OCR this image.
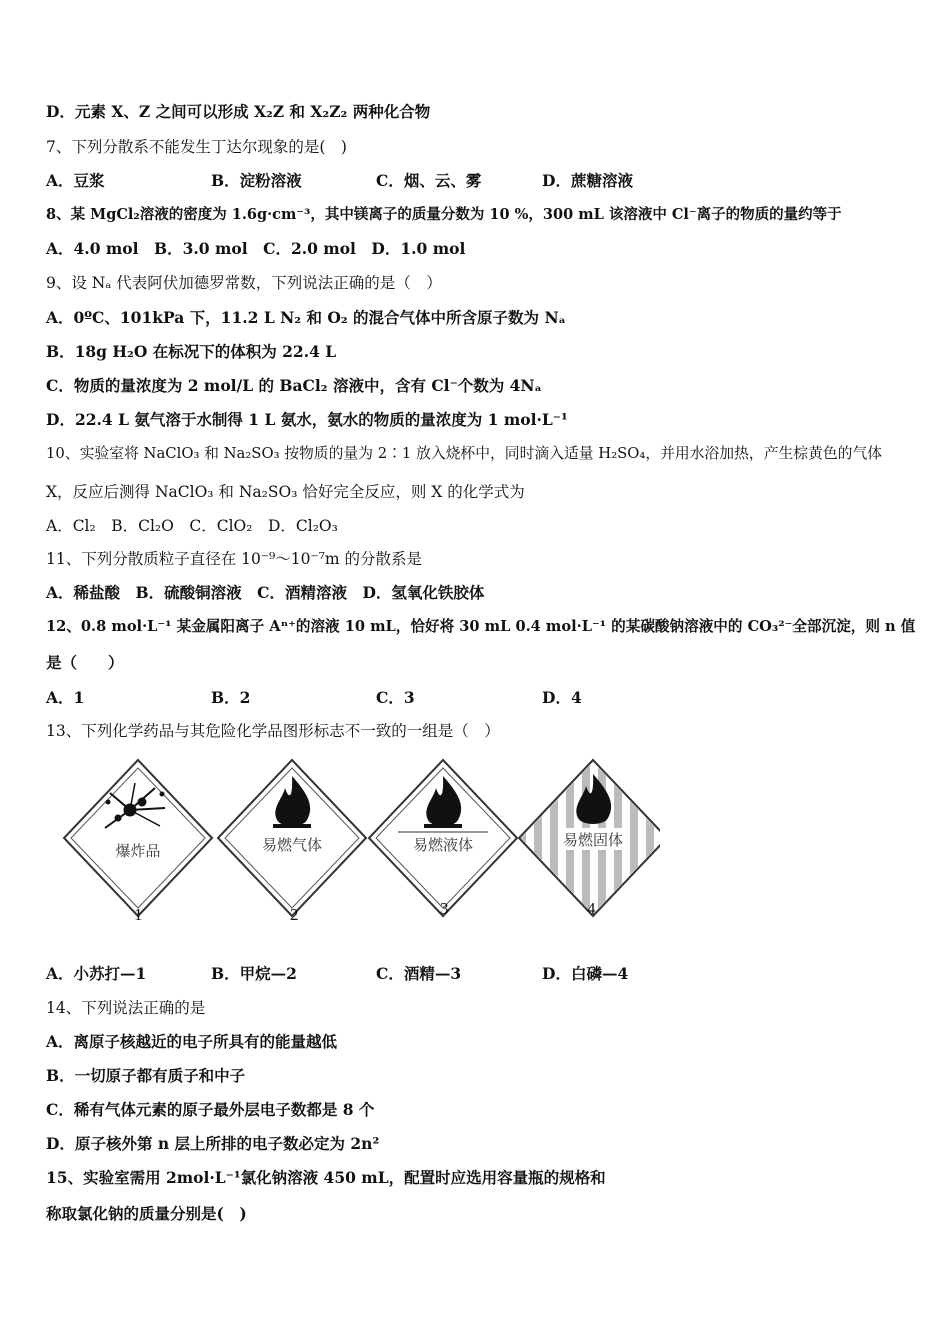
D．元素 X、Z 之间可以形成 X₂Z 和 X₂Z₂ 两种化合物
7、下列分散系不能发生丁达尔现象的是(　)
A．豆浆	B．淀粉溶液	C．烟、云、雾	D．蔗糖溶液
8、某 MgCl₂溶液的密度为 1.6g·cm⁻³，其中镁离子的质量分数为 10 %，300 mL 该溶液中 Cl⁻离子的物质的量约等于
A．4.0 mol　B．3.0 mol　C．2.0 mol　D．1.0 mol
9、设 Nₐ 代表阿伏加德罗常数，下列说法正确的是（　）
A．0ºC、101kPa 下，11.2 L N₂ 和 O₂ 的混合气体中所含原子数为 Nₐ
B．18g H₂O 在标况下的体积为 22.4 L
C．物质的量浓度为 2 mol/L 的 BaCl₂ 溶液中，含有 Cl⁻个数为 4Nₐ
D．22.4 L 氨气溶于水制得 1 L 氨水，氨水的物质的量浓度为 1 mol·L⁻¹
10、实验室将 NaClO₃ 和 Na₂SO₃ 按物质的量为 2∶1 放入烧杯中，同时滴入适量 H₂SO₄，并用水浴加热，产生棕黄色的气体
X，反应后测得 NaClO₃ 和 Na₂SO₃ 恰好完全反应，则 X 的化学式为
A．Cl₂　B．Cl₂O　C．ClO₂　D．Cl₂O₃
11、下列分散质粒子直径在 10⁻⁹～10⁻⁷m 的分散系是
A．稀盐酸　B．硫酸铜溶液　C．酒精溶液　D．氢氧化铁胶体
12、0.8 mol·L⁻¹ 某金属阳离子 Aⁿ⁺的溶液 10 mL，恰好将 30 mL 0.4 mol·L⁻¹ 的某碳酸钠溶液中的 CO₃²⁻全部沉淀，则 n 值
是（　　）
A．1	B．2	C．3	D．4
13、下列化学药品与其危险化学品图形标志不一致的一组是（　）
爆炸品	易燃气体	易燃液体	易燃固体
1	2	3	4
A．小苏打—1	B．甲烷—2	C．酒精—3	D．白磷—4
14、下列说法正确的是
A．离原子核越近的电子所具有的能量越低
B．一切原子都有质子和中子
C．稀有气体元素的原子最外层电子数都是 8 个
D．原子核外第 n 层上所排的电子数必定为 2n²
15、实验室需用 2mol·L⁻¹氯化钠溶液 450 mL，配置时应选用容量瓶的规格和
称取氯化钠的质量分别是(　)
